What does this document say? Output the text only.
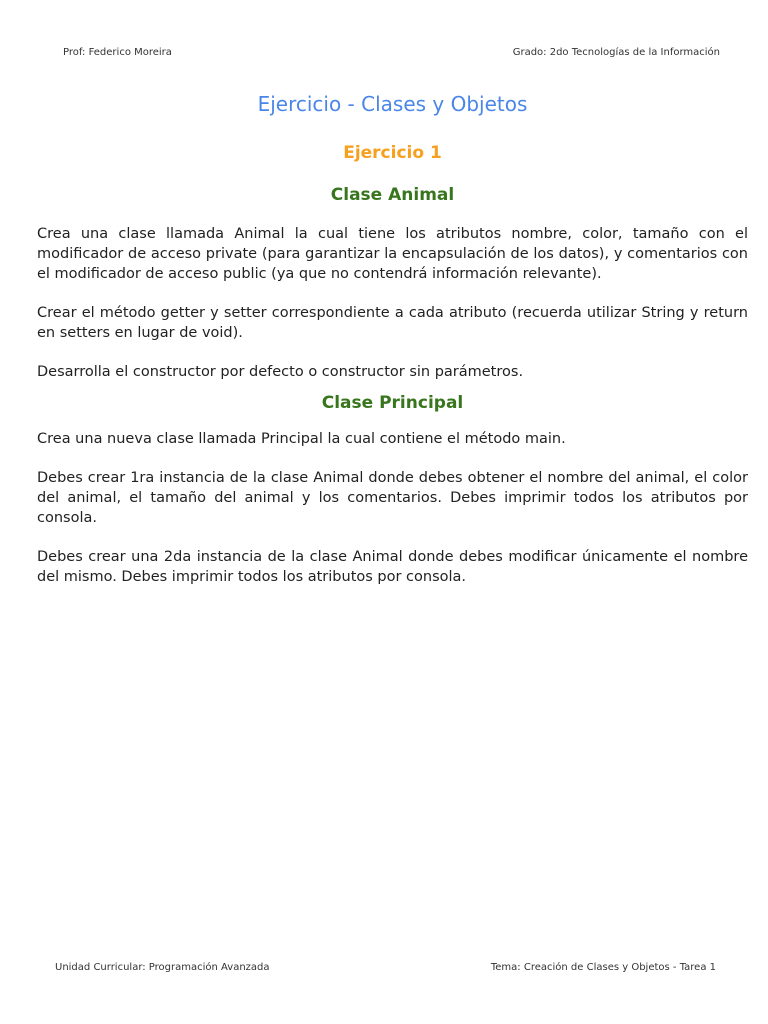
Prof: Federico Moreira	Grado: 2do Tecnologías de la Información
Ejercicio - Clases y Objetos
Ejercicio 1
Clase Animal

Crea una clase llamada Animal la cual tiene los atributos nombre, color, tamaño con el modificador de acceso private (para garantizar la encapsulación de los datos), y comentarios con el modificador de acceso public (ya que no contendrá información relevante).

Crear el método getter y setter correspondiente a cada atributo (recuerda utilizar String y return en setters en lugar de void).

Desarrolla el constructor por defecto o constructor sin parámetros.

Clase Principal

Crea una nueva clase llamada Principal la cual contiene el método main.

Debes crear 1ra instancia de la clase Animal donde debes obtener el nombre del animal, el color del animal, el tamaño del animal y los comentarios. Debes imprimir todos los atributos por consola.

Debes crear una 2da instancia de la clase Animal donde debes modificar únicamente el nombre del mismo. Debes imprimir todos los atributos por consola.

Unidad Curricular: Programación Avanzada	Tema: Creación de Clases y Objetos - Tarea 1
